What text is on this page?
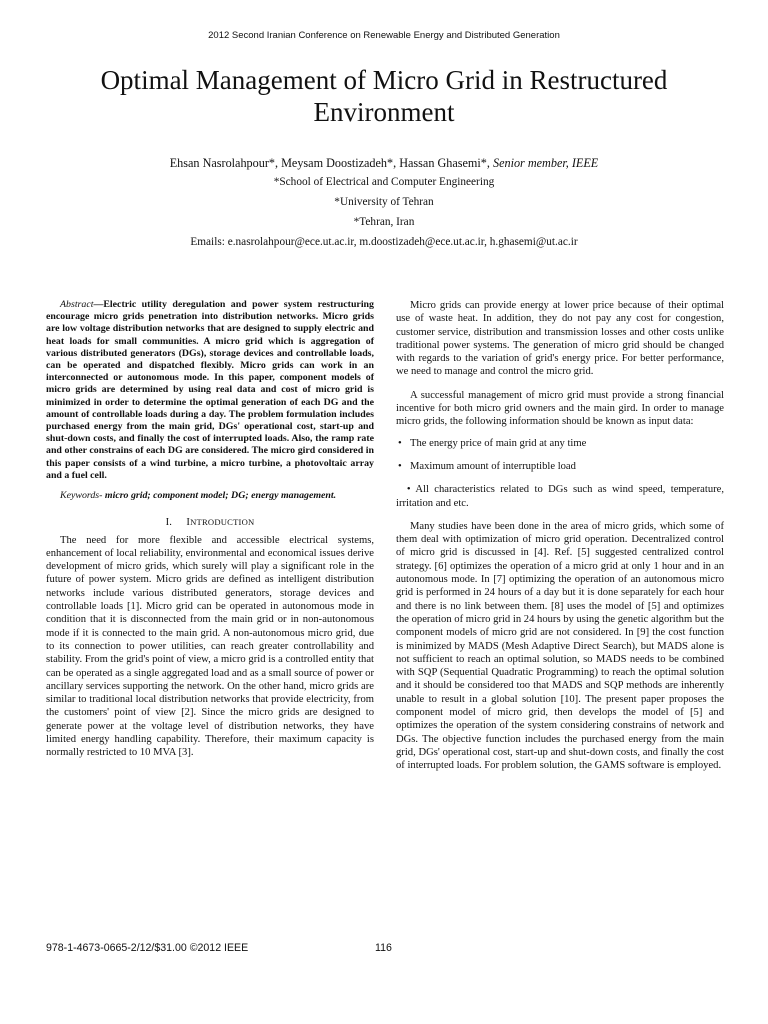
2012 Second Iranian Conference on Renewable Energy and Distributed Generation
Optimal Management of Micro Grid in Restructured Environment
Ehsan Nasrolahpour*, Meysam Doostizadeh*, Hassan Ghasemi*, Senior member, IEEE
*School of Electrical and Computer Engineering
*University of Tehran
*Tehran, Iran
Emails: e.nasrolahpour@ece.ut.ac.ir, m.doostizadeh@ece.ut.ac.ir, h.ghasemi@ut.ac.ir

Abstract—Electric utility deregulation and power system restructuring encourage micro grids penetration into distribution networks. Micro grids are low voltage distribution networks that are designed to supply electric and heat loads for small communities. A micro grid which is aggregation of various distributed generators (DGs), storage devices and controllable loads, can be operated and dispatched flexibly. Micro grids can work in an interconnected or autonomous mode. In this paper, component models of micro grids are determined by using real data and cost of micro grid is minimized in order to determine the optimal generation of each DG and the amount of controllable loads during a day. The problem formulation includes purchased energy from the main grid, DGs' operational cost, start-up and shut-down costs, and finally the cost of interrupted loads. Also, the ramp rate and other constrains of each DG are considered. The micro gird considered in this paper consists of a wind turbine, a micro turbine, a photovoltaic array and a fuel cell.

Keywords- micro grid; component model; DG; energy management.

I. INTRODUCTION

The need for more flexible and accessible electrical systems, enhancement of local reliability, environmental and economical issues derive development of micro grids, which surely will play a significant role in the future of power system. Micro grids are defined as intelligent distribution networks include various distributed generators, storage devices and controllable loads [1]. Micro grid can be operated in autonomous mode in condition that it is disconnected from the main grid or in non-autonomous mode if it is connected to the main grid. A non-autonomous micro grid, due to its connection to power utilities, can reach greater controllability and stability. From the grid's point of view, a micro grid is a controlled entity that can be operated as a single aggregated load and as a small source of power or ancillary services supporting the network. On the other hand, micro grids are similar to traditional local distribution networks that provide electricity, from the customers' point of view [2]. Since the micro grids are designed to generate power at the voltage level of distribution networks, they have limited energy handling capability. Therefore, their maximum capacity is normally restricted to 10 MVA [3].

Micro grids can provide energy at lower price because of their optimal use of waste heat. In addition, they do not pay any cost for congestion, customer service, distribution and transmission losses and other costs unlike traditional power systems. The generation of micro grid should be changed with regards to the variation of grid's energy price. For better performance, we need to manage and control the micro grid.

A successful management of micro grid must provide a strong financial incentive for both micro grid owners and the main gird. In order to manage micro grids, the following information should be known as input data:

• The energy price of main grid at any time
• Maximum amount of interruptible load
• All characteristics related to DGs such as wind speed, temperature, irritation and etc.

Many studies have been done in the area of micro grids, which some of them deal with optimization of micro grid operation. Decentralized control of micro grid is discussed in [4]. Ref. [5] suggested centralized control strategy. [6] optimizes the operation of a micro grid at only 1 hour and in an autonomous mode. In [7] optimizing the operation of an autonomous micro grid is performed in 24 hours of a day but it is done separately for each hour and there is no link between them. [8] uses the model of [5] and optimizes the operation of micro grid in 24 hours by using the genetic algorithm but the component models of micro grid are not considered. In [9] the cost function is minimized by MADS (Mesh Adaptive Direct Search), but MADS alone is not sufficient to reach an optimal solution, so MADS needs to be combined with SQP (Sequential Quadratic Programming) to reach the optimal solution and it should be considered too that MADS and SQP methods are inherently unable to result in a global solution [10]. The present paper proposes the component model of micro grid, then develops the model of [5] and optimizes the operation of the system considering constrains of network and DGs. The objective function includes the purchased energy from the main grid, DGs' operational cost, start-up and shut-down costs, and finally the cost of interrupted loads. For problem solution, the GAMS software is employed.

978-1-4673-0665-2/12/$31.00 ©2012 IEEE	116
